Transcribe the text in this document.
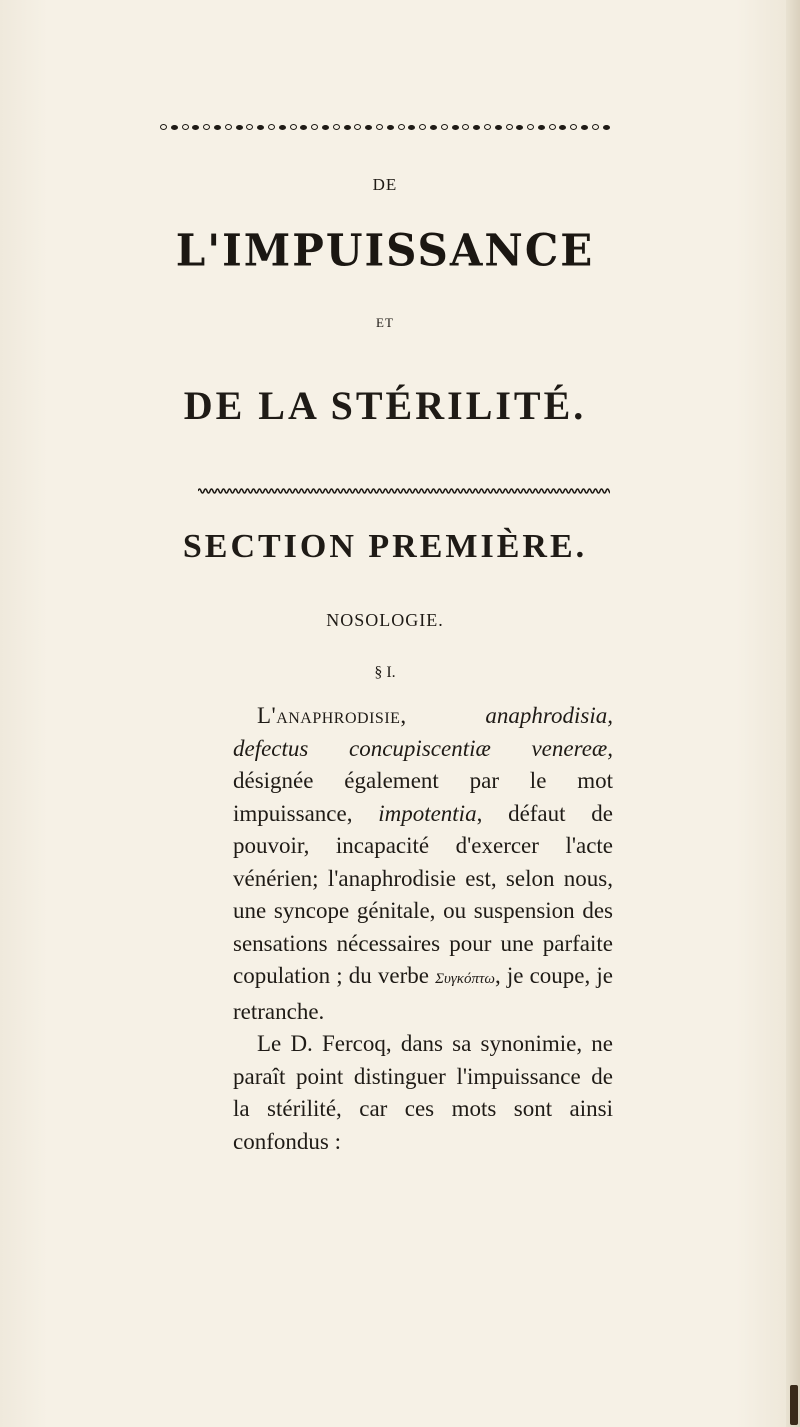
DE
L'IMPUISSANCE
ET
DE LA STÉRILITÉ.
SECTION PREMIÈRE.
NOSOLOGIE.
§ I.

L'anaphrodisie, anaphrodisia, defectus concupiscentiæ venereæ, désignée également par le mot impuissance, impotentia, défaut de pouvoir, incapacité d'exercer l'acte vénérien; l'anaphrodisie est, selon nous, une syncope génitale, ou suspension des sensations nécessaires pour une parfaite copulation ; du verbe Συγκόπτω, je coupe, je retranche.

Le D. Fercoq, dans sa synonimie, ne paraît point distinguer l'impuissance de la stérilité, car ces mots sont ainsi confondus :
